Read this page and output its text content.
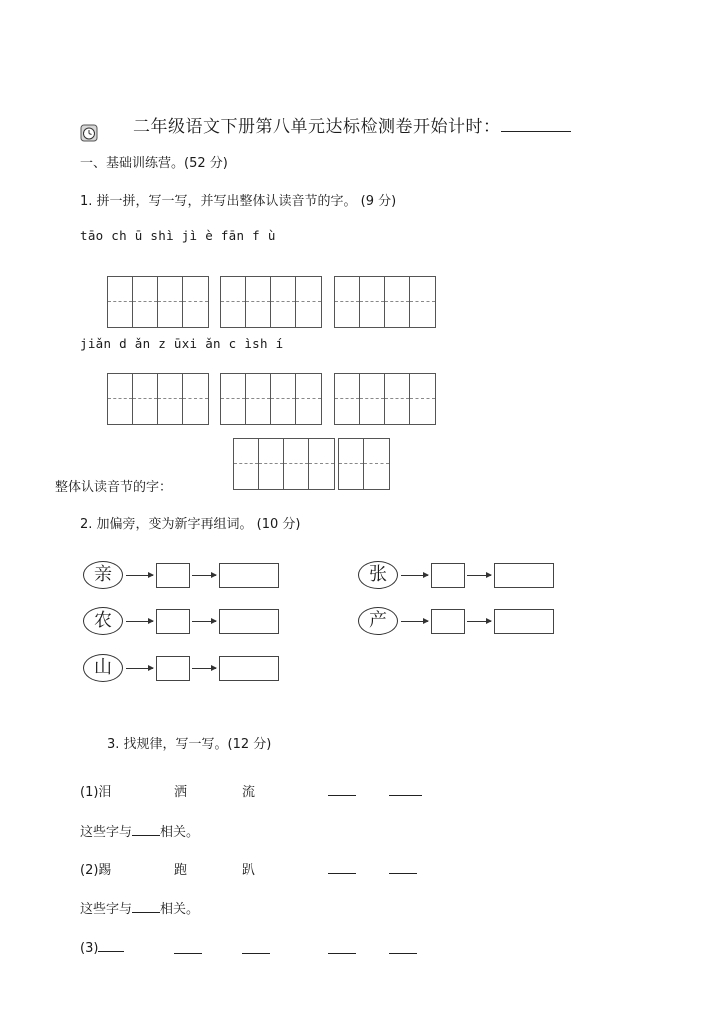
二年级语文下册第八单元达标检测卷开始计时：
一、基础训练营。(52 分)
1. 拼一拼，写一写，并写出整体认读音节的字。 (9 分)
tāo ch ū shì jì è fān f ù
jiǎn d ǎn z ūxi ǎn c ìsh í
整体认读音节的字：
2. 加偏旁，变为新字再组词。 (10 分)
亲
农
山
张
产
3. 找规律，写一写。(12 分)
(1)泪	洒	流
这些字与 相关。
(2)踢	跑	趴
这些字与 相关。
(3)
